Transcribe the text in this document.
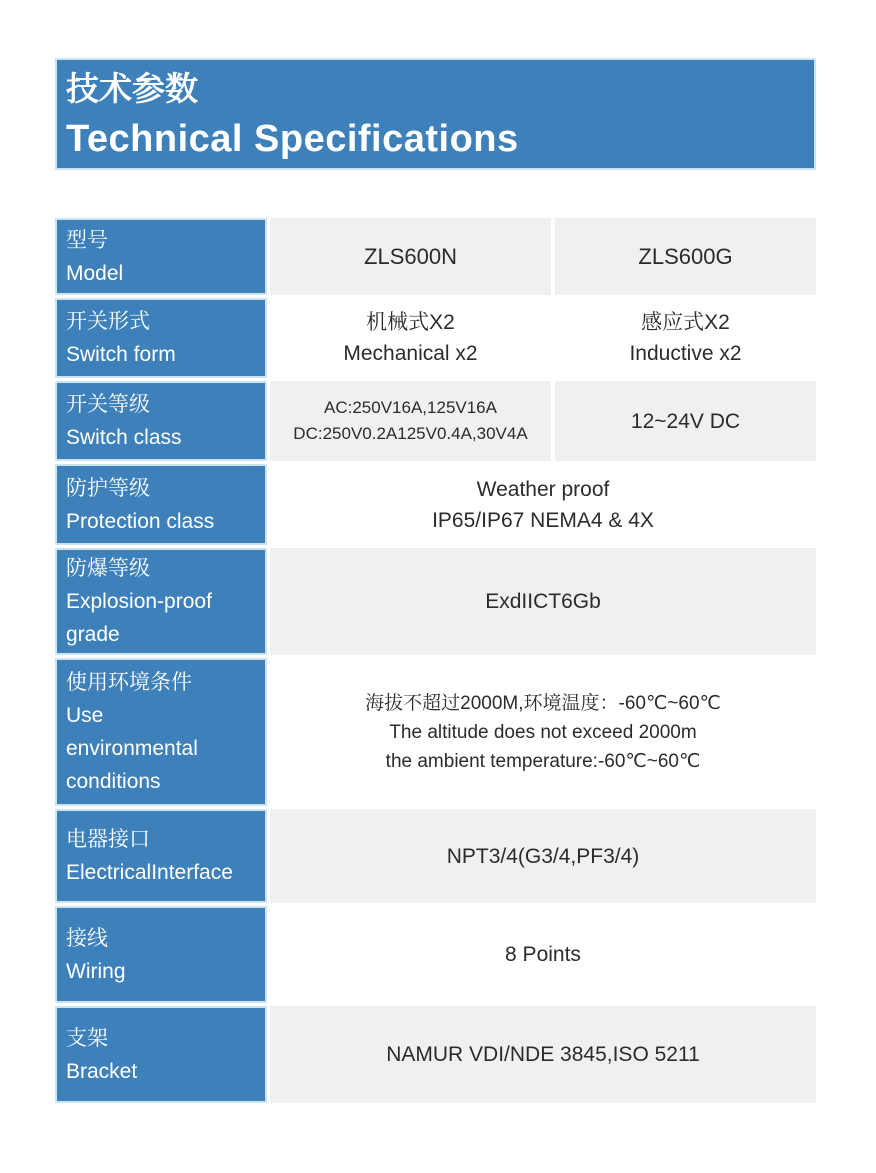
技术参数
Technical Specifications
型号
Model
ZLS600N	ZLS600G
开关形式
Switch form
机械式X2
Mechanical x2
感应式X2
Inductive x2
开关等级
Switch class
AC:250V16A,125V16A
DC:250V0.2A125V0.4A,30V4A
12~24V DC
防护等级
Protection class
Weather proof
IP65/IP67 NEMA4 & 4X
防爆等级
Explosion-proof
grade
ExdIICT6Gb
使用环境条件
Use
environmental
conditions
海拔不超过2000M,环境温度：-60℃~60℃
The altitude does not exceed 2000m
the ambient temperature:-60℃~60℃
电器接口
ElectricalInterface
NPT3/4(G3/4,PF3/4)
接线
Wiring
8 Points
支架
Bracket
NAMUR VDI/NDE 3845,ISO 5211
